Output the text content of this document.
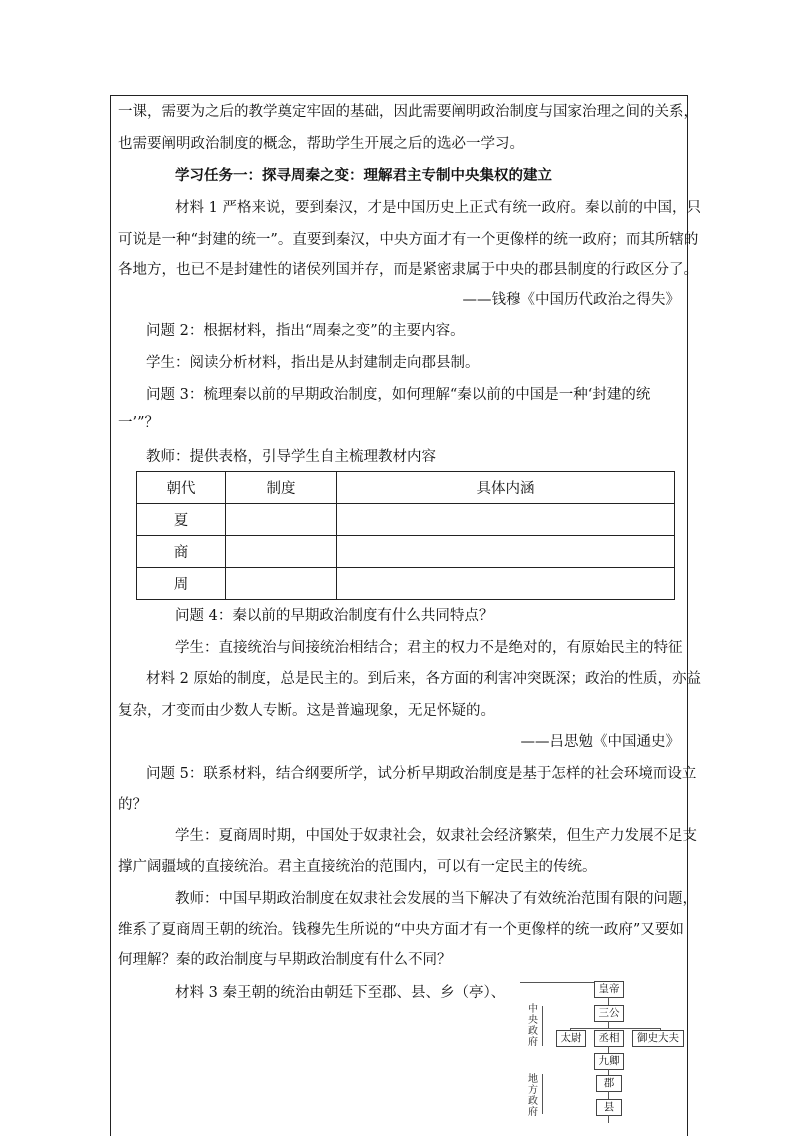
一课，需要为之后的教学奠定牢固的基础，因此需要阐明政治制度与国家治理之间的关系，
也需要阐明政治制度的概念，帮助学生开展之后的选必一学习。
学习任务一：探寻周秦之变：理解君主专制中央集权的建立
材料 1 严格来说，要到秦汉，才是中国历史上正式有统一政府。秦以前的中国，只
可说是一种“封建的统一”。直要到秦汉，中央方面才有一个更像样的统一政府；而其所辖的
各地方，也已不是封建性的诸侯列国并存，而是紧密隶属于中央的郡县制度的行政区分了。
——钱穆《中国历代政治之得失》
问题 2：根据材料，指出“周秦之变”的主要内容。
学生：阅读分析材料，指出是从封建制走向郡县制。
问题 3：梳理秦以前的早期政治制度，如何理解“秦以前的中国是一种‘封建的统
一’”？
教师：提供表格，引导学生自主梳理教材内容
朝代	制度	具体内涵
夏		
商		
周		
问题 4：秦以前的早期政治制度有什么共同特点？
学生：直接统治与间接统治相结合；君主的权力不是绝对的，有原始民主的特征
材料 2 原始的制度，总是民主的。到后来，各方面的利害冲突既深；政治的性质，亦益
复杂，才变而由少数人专断。这是普遍现象，无足怀疑的。
——吕思勉《中国通史》
问题 5：联系材料，结合纲要所学，试分析早期政治制度是基于怎样的社会环境而设立
的？
学生：夏商周时期，中国处于奴隶社会，奴隶社会经济繁荣，但生产力发展不足支
撑广阔疆域的直接统治。君主直接统治的范围内，可以有一定民主的传统。
教师：中国早期政治制度在奴隶社会发展的当下解决了有效统治范围有限的问题，
维系了夏商周王朝的统治。钱穆先生所说的“中央方面才有一个更像样的统一政府”又要如
何理解？秦的政治制度与早期政治制度有什么不同？
材料 3 秦王朝的统治由朝廷下至郡、县、乡（亭）、
中央政府
地方政府
皇帝
三公
太尉	丞相	御史大夫
九卿
郡
县
